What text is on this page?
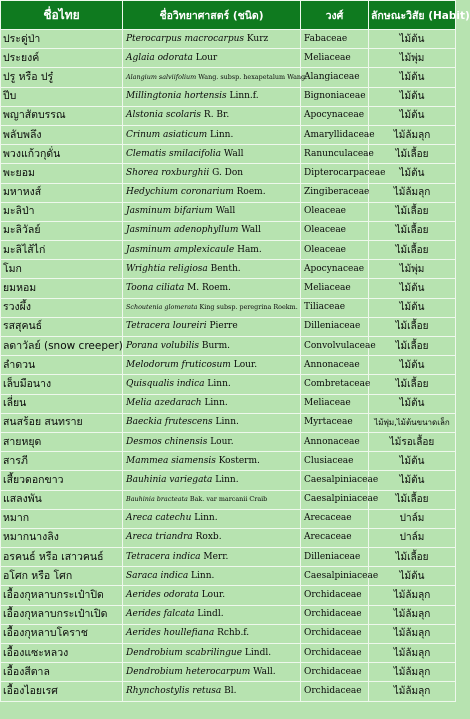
ชื่อไทย	ชื่อวิทยาศาสตร์ (ชนิด)	วงศ์	ลักษณะวิสัย (Habit)
ประดู่ป่า	Pterocarpus macrocarpus Kurz	Fabaceae	ไม้ต้น
ประยงค์	Aglaia odorata Lour	Meliaceae	ไม้พุ่ม
ปรู หรือ ปรู๋	Alangium salviifolium Wang. subsp. hexapetalum Wang.	Alangiaceae	ไม้ต้น
ปีบ	Millingtonia hortensis Linn.f.	Bignoniaceae	ไม้ต้น
พญาสัตบรรณ	Alstonia scolaris R. Br.	Apocynaceae	ไม้ต้น
พลับพลึง	Crinum asiaticum Linn.	Amaryllidaceae	ไม้ล้มลุก
พวงแก้วกุดั่น	Clematis smilacifolia Wall	Ranunculaceae	ไม้เลื้อย
พะยอม	Shorea roxburghii G. Don	Dipterocarpaceae	ไม้ต้น
มหาหงส์	Hedychium coronarium Roem.	Zingiberaceae	ไม้ล้มลุก
มะลิป่า	Jasminum bifarium Wall	Oleaceae	ไม้เลื้อย
มะลิวัลย์	Jasminum adenophyllum Wall	Oleaceae	ไม้เลื้อย
มะลิไส้ไก่	Jasminum amplexicaule Ham.	Oleaceae	ไม้เลื้อย
โมก	Wrightia religiosa Benth.	Apocynaceae	ไม้พุ่ม
ยมหอม	Toona ciliata M. Roem.	Meliaceae	ไม้ต้น
รวงผึ้ง	Schoutenia glomerata King subsp. peregrina Roekm.	Tiliaceae	ไม้ต้น
รสสุคนธ์	Tetracera loureiri Pierre	Dilleniaceae	ไม้เลื้อย
ลดาวัลย์ (snow creeper)	Porana volubilis Burm.	Convolvulaceae	ไม้เลื้อย
ลำดวน	Melodorum fruticosum Lour.	Annonaceae	ไม้ต้น
เล็บมือนาง	Quisqualis indica Linn.	Combretaceae	ไม้เลื้อย
เลี่ยน	Melia azedarach Linn.	Meliaceae	ไม้ต้น
สนสร้อย สนทราย	Baeckia frutescens Linn.	Myrtaceae	ไม้พุ่ม,ไม้ต้นขนาดเล็ก
สายหยุด	Desmos chinensis Lour.	Annonaceae	ไม้รอเลื้อย
สารภี	Mammea siamensis Kosterm.	Clusiaceae	ไม้ต้น
เสี้ยวดอกขาว	Bauhinia variegata Linn.	Caesalpiniaceae	ไม้ต้น
แสลงพัน	Bauhinia bracteata Bak. var marcanii Craib	Caesalpiniaceae	ไม้เลื้อย
หมาก	Areca catechu Linn.	Arecaceae	ปาล์ม
หมากนางลิง	Areca triandra Roxb.	Arecaceae	ปาล์ม
อรคนธ์ หรือ เสาวคนธ์	Tetracera indica Merr.	Dilleniaceae	ไม้เลื้อย
อโศก หรือ โศก	Saraca indica Linn.	Caesalpiniaceae	ไม้ต้น
เอื้องกุหลาบกระเป๋าปิด	Aerides odorata Lour.	Orchidaceae	ไม้ล้มลุก
เอื้องกุหลาบกระเป๋าเปิด	Aerides falcata Lindl.	Orchidaceae	ไม้ล้มลุก
เอื้องกุหลาบโคราช	Aerides houllefiana Rchb.f.	Orchidaceae	ไม้ล้มลุก
เอื้องแซะหลวง	Dendrobium scabrilingue Lindl.	Orchidaceae	ไม้ล้มลุก
เอื้องสีตาล	Dendrobium heterocarpum Wall.	Orchidaceae	ไม้ล้มลุก
เอื้องไอยเรศ	Rhynchostylis retusa Bl.	Orchidaceae	ไม้ล้มลุก
